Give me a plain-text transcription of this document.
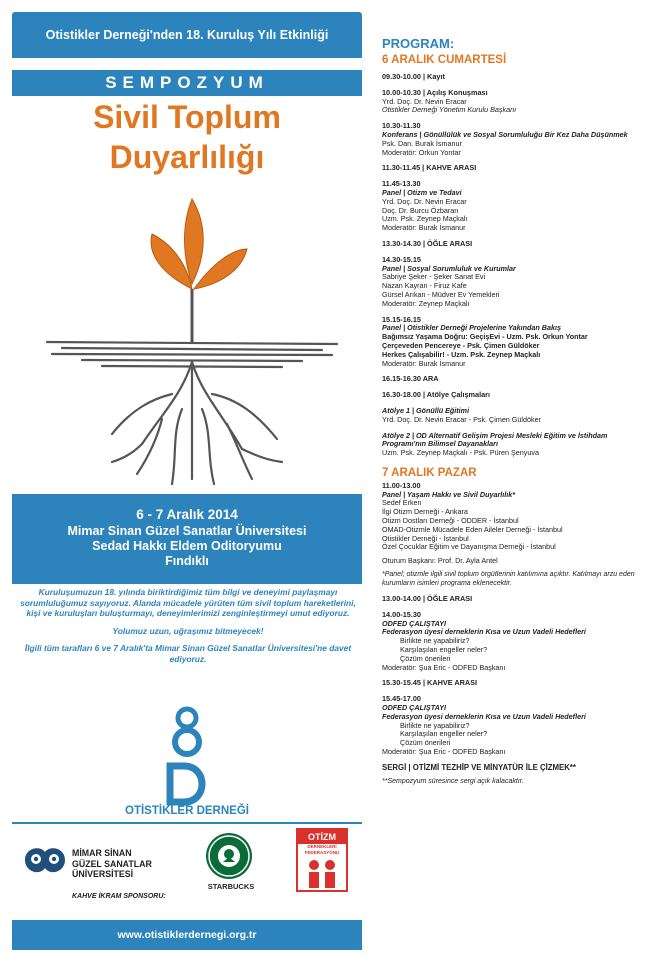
Otistikler Derneği'nden 18. Kuruluş Yılı Etkinliği
SEMPOZYUM
Sivil Toplum
Duyarlılığı
6 - 7 Aralık 2014
Mimar Sinan Güzel Sanatlar Üniversitesi
Sedad Hakkı Eldem Oditoryumu
Fındıklı
Sempozyum ücretsizdir. Katılım belgesi verilecektir.

Kuruluşumuzun 18. yılında biriktirdiğimiz tüm bilgi ve deneyimi paylaşmayı sorumluluğumuz sayıyoruz. Alanda mücadele yürüten tüm sivil toplum hareketlerini, kişi ve kuruluşları buluşturmayı, deneyimlerimizi zenginleştirmeyi umut ediyoruz.

Yolumuz uzun, uğraşımız bitmeyecek!

İlgili tüm tarafları 6 ve 7 Aralık'ta Mimar Sinan Güzel Sanatlar Üniversitesi'ne davet ediyoruz.

OTİSTİKLER DERNEĞİ
MİMAR SİNAN
GÜZEL SANATLAR
ÜNİVERSİTESİ
STARBUCKS
OTİZM
DERNEKLERİ FEDERASYONU
KAHVE İKRAM SPONSORU:
www.otistiklerdernegi.org.tr
PROGRAM:
6 ARALIK CUMARTESİ
09.30-10.00 | Kayıt
10.00-10.30 | Açılış Konuşması
Yrd. Doç. Dr. Nevin Eracar
Otistikler Derneği Yönetim Kurulu Başkanı
10.30-11.30
Konferans | Gönüllülük ve Sosyal Sorumluluğu Bir Kez Daha Düşünmek
Psk. Dan. Burak İsmanur
Moderatör: Orkun Yontar
11.30-11.45 | KAHVE ARASI
11.45-13.30
Panel | Otizm ve Tedavi
Yrd. Doç. Dr. Nevin Eracar
Doç. Dr. Burcu Özbaran
Uzm. Psk. Zeynep Maçkalı
Moderatör: Burak İsmanur
13.30-14.30 | ÖĞLE ARASI
14.30-15.15
Panel | Sosyal Sorumluluk ve Kurumlar
Sabriye Şeker - Şeker Sanat Evi
Nazan Kayran - Firuz Kafe
Gürsel Arıkan - Müdver Ev Yemekleri
Moderatör: Zeynep Maçkalı
15.15-16.15
Panel | Otistikler Derneği Projelerine Yakından Bakış
Bağımsız Yaşama Doğru: GeçişEvi - Uzm. Psk. Orkun Yontar
Çerçeveden Pencereye - Psk. Çimen Güldöker
Herkes Çalışabilir! - Uzm. Psk. Zeynep Maçkalı
Moderatör: Burak İsmanur
16.15-16.30 ARA
16.30-18.00 | Atölye Çalışmaları
Atölye 1 | Gönüllü Eğitimi
Yrd. Doç. Dr. Nevin Eracar - Psk. Çimen Güldöker
Atölye 2 | OD Alternatif Gelişim Projesi Mesleki Eğitim ve İstihdam Programı'nın Bilimsel Dayanakları
Uzm. Psk. Zeynep Maçkalı - Psk. Püren Şenyuva
7 ARALIK PAZAR
11.00-13.00
Panel | Yaşam Hakkı ve Sivil Duyarlılık*
Sedef Erken
İlgi Otizm Derneği - Ankara
Otizm Dostları Derneği - ODDER - İstanbul
OMAD-Otizmle Mücadele Eden Aileler Derneği - İstanbul
Otistikler Derneği - İstanbul
Özel Çocuklar Eğitim ve Dayanışma Derneği - İstanbul
Oturum Başkanı: Prof. Dr. Ayla Antel
*Panel; otizmle ilgili sivil toplum örgütlerinin katılımına açıktır. Katılmayı arzu eden kurumların isimleri programa eklenecektir.
13.00-14.00 | ÖĞLE ARASI
14.00-15.30
ODFED ÇALIŞTAYI
Federasyon üyesi derneklerin Kısa ve Uzun Vadeli Hedefleri
Birlikte ne yapabiliriz?
Karşılaşılan engeller neler?
Çözüm önerileri
Moderatör: Şua Eric - ODFED Başkanı
15.30-15.45 | KAHVE ARASI
15.45-17.00
ODFED ÇALIŞTAYI
Federasyon üyesi derneklerin Kısa ve Uzun Vadeli Hedefleri
Birlikte ne yapabiliriz?
Karşılaşılan engeller neler?
Çözüm önerileri
Moderatör: Şua Eric - ODFED Başkanı
SERGİ | OTİZMİ TEZHİP VE MİNYATÜR İLE ÇİZMEK**
**Sempozyum süresince sergi açık kalacaktır.
